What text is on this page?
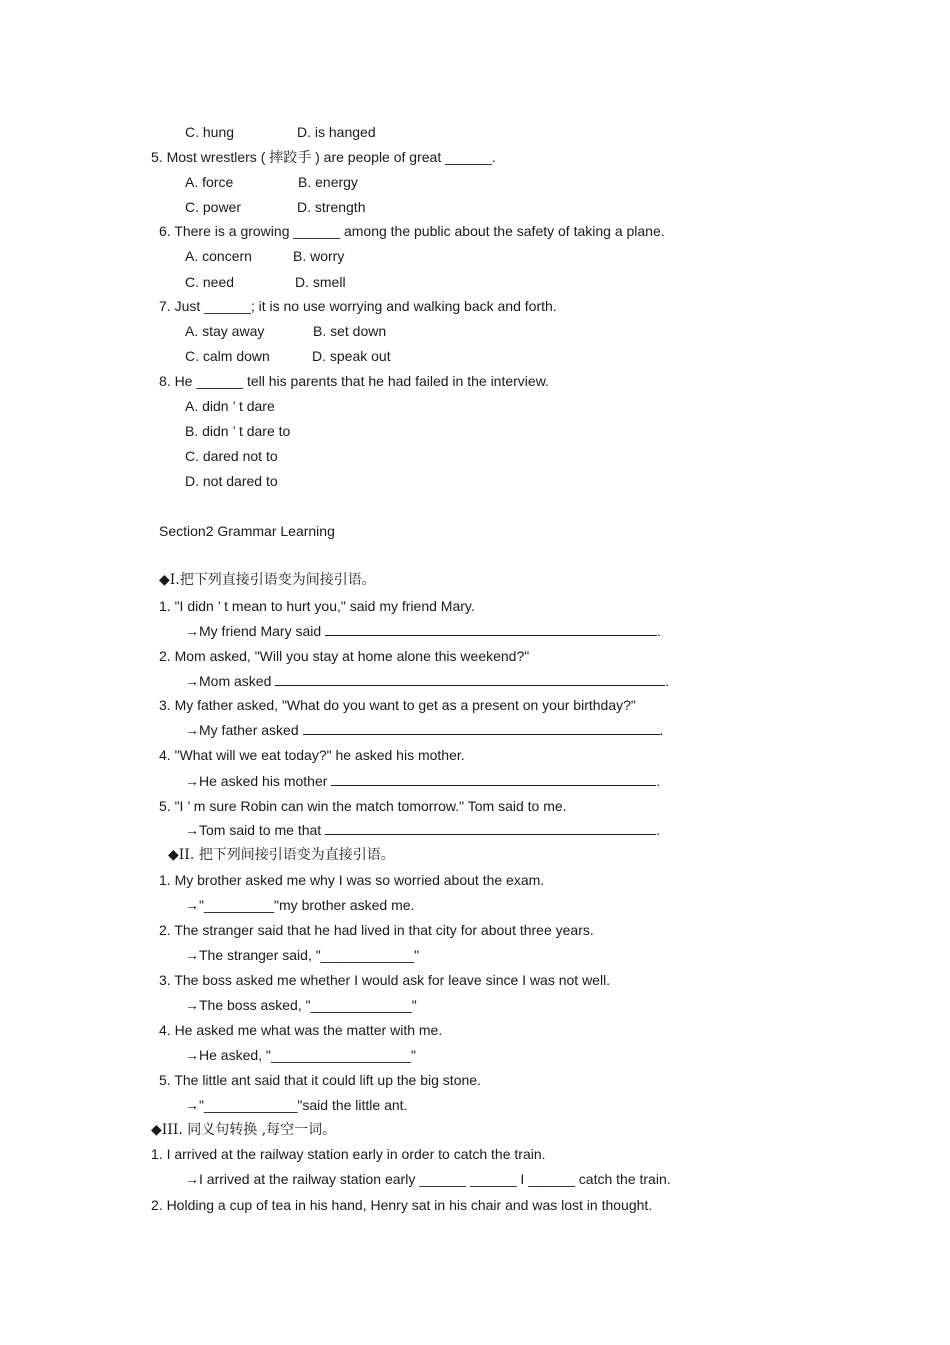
C. hung	D. is hanged
5. Most wrestlers ( 摔跤手 ) are people of great ______.
A. force	B. energy
C. power	D. strength
6. There is a growing ______ among the public about the safety of taking a plane.
A. concern	B. worry
C. need	D. smell
7. Just ______; it is no use worrying and walking back and forth.
A. stay away	B. set down
C. calm down	D. speak out
8. He ______ tell his parents that he had failed in the interview.
A. didn ’ t dare
B. didn ’ t dare to
C. dared not to
D. not dared to
Section2 Grammar Learning
◆I.把下列直接引语变为间接引语。
1. "I didn ’ t mean to hurt you," said my friend Mary.
→My friend Mary said	.
2. Mom asked, "Will you stay at home alone this weekend?"
→Mom asked	.
3. My father asked, "What do you want to get as a present on your birthday?"
→My father asked	.
4. "What will we eat today?" he asked his mother.
→He asked his mother	.
5. "I ’ m sure Robin can win the match tomorrow." Tom said to me.
→Tom said to me that	.
◆II. 把下列间接引语变为直接引语。
1. My brother asked me why I was so worried about the exam.
→"_________"my brother asked me.
2. The stranger said that he had lived in that city for about three years.
→The stranger said, "____________"
3. The boss asked me whether I would ask for leave since I was not well.
→The boss asked, "_____________"
4. He asked me what was the matter with me.
→He asked, "__________________"
5. The little ant said that it could lift up the big stone.
→"____________"said the little ant.
◆III. 同义句转换 ,每空一词。
1. I arrived at the railway station early in order to catch the train.
→I arrived at the railway station early ______ ______ I ______ catch the train.
2. Holding a cup of tea in his hand, Henry sat in his chair and was lost in thought.
